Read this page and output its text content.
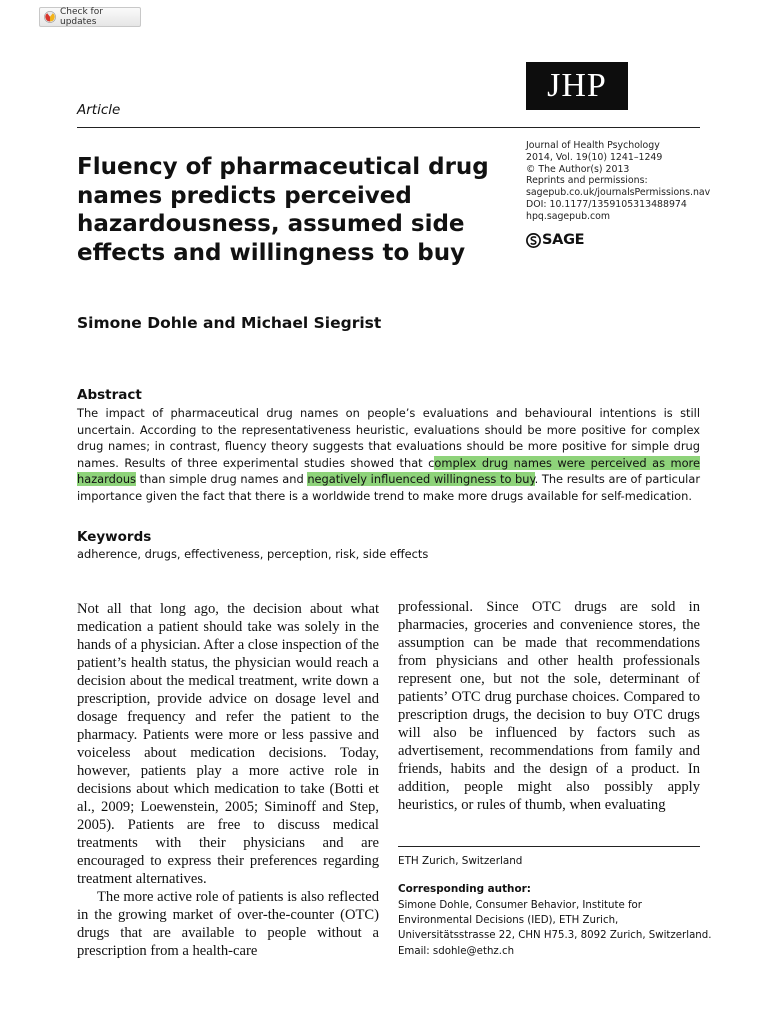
Check for updates
Article
JHP
Journal of Health Psychology
2014, Vol. 19(10) 1241–1249
© The Author(s) 2013
Reprints and permissions:
sagepub.co.uk/journalsPermissions.nav
DOI: 10.1177/1359105313488974
hpq.sagepub.com
SAGE
Fluency of pharmaceutical drug names predicts perceived hazardousness, assumed side effects and willingness to buy
Simone Dohle and Michael Siegrist
Abstract
The impact of pharmaceutical drug names on people’s evaluations and behavioural intentions is still uncertain. According to the representativeness heuristic, evaluations should be more positive for complex drug names; in contrast, fluency theory suggests that evaluations should be more positive for simple drug names. Results of three experimental studies showed that complex drug names were perceived as more hazardous than simple drug names and negatively influenced willingness to buy. The results are of particular importance given the fact that there is a worldwide trend to make more drugs available for self-medication.
Keywords
adherence, drugs, effectiveness, perception, risk, side effects

Not all that long ago, the decision about what medication a patient should take was solely in the hands of a physician. After a close inspection of the patient’s health status, the physician would reach a decision about the medical treatment, write down a prescription, provide advice on dosage level and dosage frequency and refer the patient to the pharmacy. Patients were more or less passive and voiceless about medication decisions. Today, however, patients play a more active role in decisions about which medication to take (Botti et al., 2009; Loewenstein, 2005; Siminoff and Step, 2005). Patients are free to discuss medical treatments with their physicians and are encouraged to express their preferences regarding treatment alternatives.

The more active role of patients is also reflected in the growing market of over-the-counter (OTC) drugs that are available to people without a prescription from a health-care

professional. Since OTC drugs are sold in pharmacies, groceries and convenience stores, the assumption can be made that recommendations from physicians and other health professionals represent one, but not the sole, determinant of patients’ OTC drug purchase choices. Compared to prescription drugs, the decision to buy OTC drugs will also be influenced by factors such as advertisement, recommendations from family and friends, habits and the design of a product. In addition, people might also possibly apply heuristics, or rules of thumb, when evaluating

ETH Zurich, Switzerland
Corresponding author:
Simone Dohle, Consumer Behavior, Institute for
Environmental Decisions (IED), ETH Zurich,
Universitätsstrasse 22, CHN H75.3, 8092 Zurich, Switzerland.
Email: sdohle@ethz.ch
